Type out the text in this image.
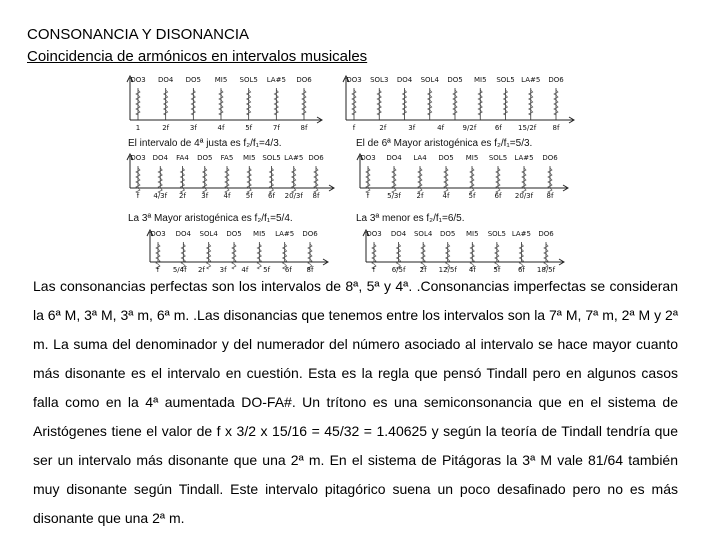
CONSONANCIA Y DISONANCIA
Coincidencia de armónicos en intervalos musicales
DO3 DO4 DO5 MI5 SOL5 LA#5 DO6
1	2f	3f	4f	5f	7f	8f
DO3 SOL3 DO4 SOL4 DO5 MI5 SOL5 LA#5 DO6
f	2f	3f	4f	9/2f	6f 15/2f 8f
El intervalo de 4ª justa es f₂/f₁=4/3.	El de 6ª Mayor aristogénica es f₂/f₁=5/3.
DO3 DO4 FA4 DO5 FA5 MI5 SOL5 LA#5 DO6
f 4/3f 2f 3f 4f 5f 6f 20/3f 8f
DO3 DO4 LA4 DO5 MI5 SOL5 LA#5 DO6
f	5/3f 2f	4f	5f	6f 20/3f 8f
La 3ª Mayor aristogénica es f₂/f₁=5/4.	La 3ª menor es f₂/f₁=6/5.
DO3 DO4 SOL4 DO5 MI5 LA#5 DO6
f 5/4f 2f 3f 4f 5f 6f 8f
DO3 DO4 SOL4 DO5 MI5 SOL5 LA#5 DO6
f 6/5f 2f 12/5f 4f	5f	6f 18/5f

Las consonancias perfectas son los intervalos de 8ª, 5ª y 4ª. .Consonancias imperfectas se consideran la 6ª M, 3ª M, 3ª m, 6ª m. .Las disonancias que tenemos entre los intervalos son la 7ª M, 7ª m, 2ª M y 2ª m. La suma del denominador y del numerador del número asociado al intervalo se hace mayor cuanto más disonante es el intervalo en cuestión. Esta es la regla que pensó Tindall pero en algunos casos falla como en la 4ª aumentada DO-FA#. Un trítono es una semiconsonancia que en el sistema de Aristógenes tiene el valor de f x 3/2 x 15/16 = 45/32 = 1.40625 y según la teoría de Tindall tendría que ser un intervalo más disonante que una 2ª m. En el sistema de Pitágoras la 3ª M vale 81/64 también muy disonante según Tindall. Este intervalo pitagórico suena un poco desafinado pero no es más disonante que una 2ª m.
